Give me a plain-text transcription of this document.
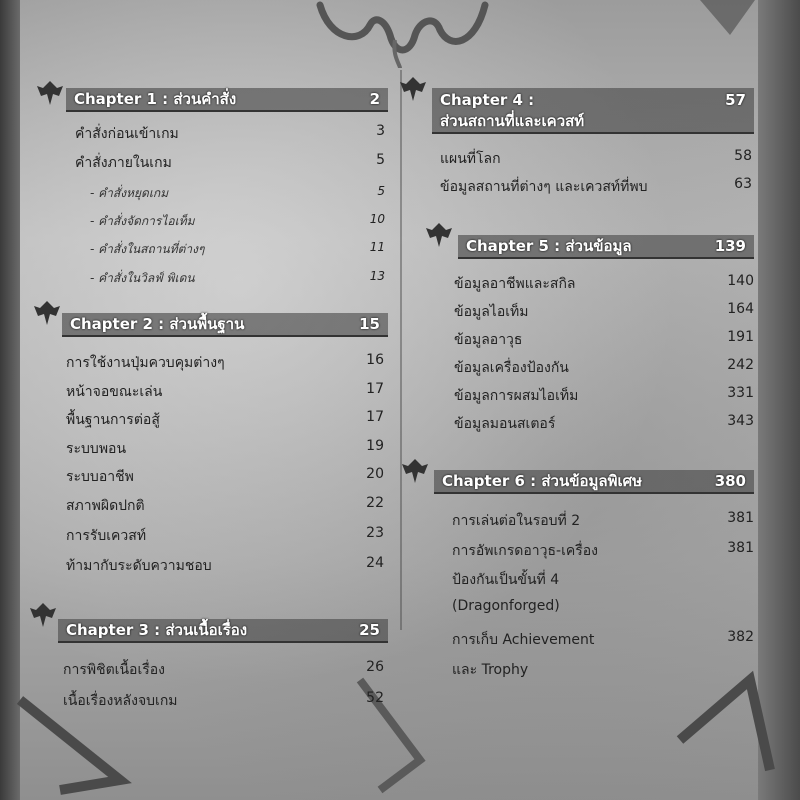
Chapter 1 : ส่วนคำสั่ง	2
คำสั่งก่อนเข้าเกม	3
คำสั่งภายในเกม	5
- คำสั่งหยุดเกม	5
- คำสั่งจัดการไอเท็ม	10
- คำสั่งในสถานที่ต่างๆ	11
- คำสั่งในวิลฟ์ พิเดน	13
Chapter 2 : ส่วนพื้นฐาน	15
การใช้งานปุ่มควบคุมต่างๆ	16
หน้าจอขณะเล่น	17
พื้นฐานการต่อสู้	17
ระบบพอน	19
ระบบอาชีพ	20
สภาพผิดปกติ	22
การรับเควสท์	23
ท้ามากับระดับความชอบ	24
Chapter 3 : ส่วนเนื้อเรื่อง	25
การพิชิตเนื้อเรื่อง	26
เนื้อเรื่องหลังจบเกม	52
Chapter 4 :
ส่วนสถานที่และเควสท์
57
แผนที่โลก	58
ข้อมูลสถานที่ต่างๆ และเควสท์ที่พบ	63
Chapter 5 : ส่วนข้อมูล	139
ข้อมูลอาชีพและสกิล	140
ข้อมูลไอเท็ม	164
ข้อมูลอาวุธ	191
ข้อมูลเครื่องป้องกัน	242
ข้อมูลการผสมไอเท็ม	331
ข้อมูลมอนสเตอร์	343
Chapter 6 : ส่วนข้อมูลพิเศษ	380
การเล่นต่อในรอบที่ 2	381
การอัพเกรดอาวุธ-เครื่อง	381
ป้องกันเป็นขั้นที่ 4
(Dragonforged)
การเก็บ Achievement	382
และ Trophy
